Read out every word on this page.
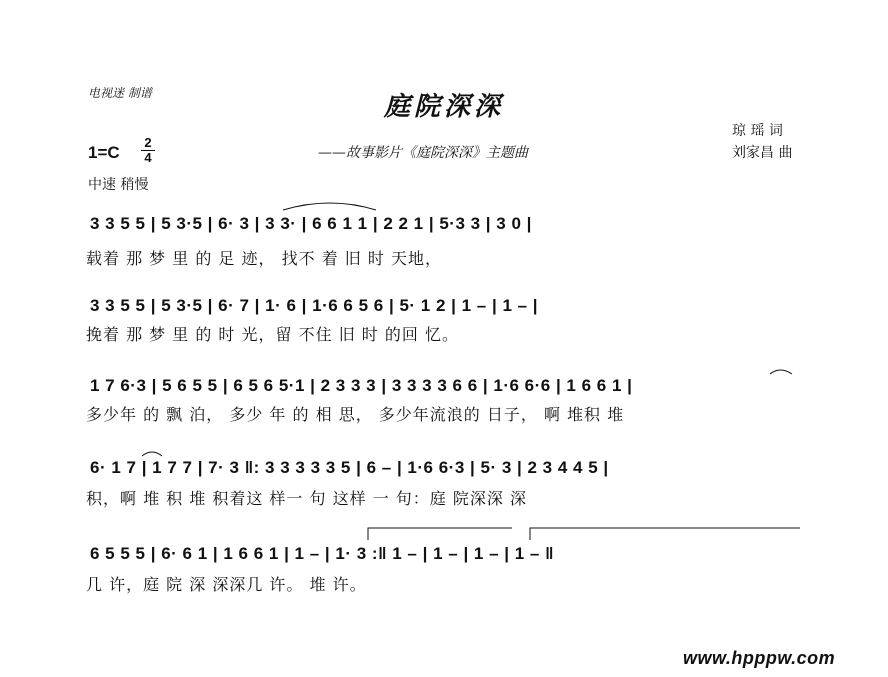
电视迷 制谱	庭院深深
——故事影片《庭院深深》主题曲
琼 瑶 词
刘家昌 曲
$1=C \frac{2}{4}$
中速 稍慢
3 3 5 5 | 5 3·5 | 6· 3 | 3 3· | 6 6 1 1 | 2 2 1 | 5·3 3 | 3 0 |
载着 那 梦 里 的 足 迹， 找不 着 旧 时 天地，
3 3 5 5 | 5 3·5 | 6· 7 | 1· 6 | 1·6 6 5 6 | 5· 1 2 | 1 – | 1 – |
挽着 那 梦 里 的 时 光，留 不住 旧 时 的回 忆。
1 7 6·3 | 5 6 5 5 | 6 5 6 5·1 | 2 3 3 3 | 3 3 3 3 6 6 | 1·6 6·6 | 1 6 6 1 |
多少年 的 飘 泊， 多少 年 的 相 思， 多少年流浪的 日子， 啊 堆积 堆
6· 1 7 | 1 7 7 | 7· 3 ‖: 3 3 3 3 3 5 | 6 – | 1·6 6·3 | 5· 3 | 2 3 4 4 5 |
积，啊 堆 积 堆 积着这 样一 句 这样 一 句：庭 院深深 深
6 5 5 5 | 6· 6 1 | 1 6 6 1 | 1 – | 1· 3 :‖ 1 – | 1 – | 1 – | 1 – ‖
几 许，庭 院 深 深深几 许。 堆 许。
www.hpppw.com
